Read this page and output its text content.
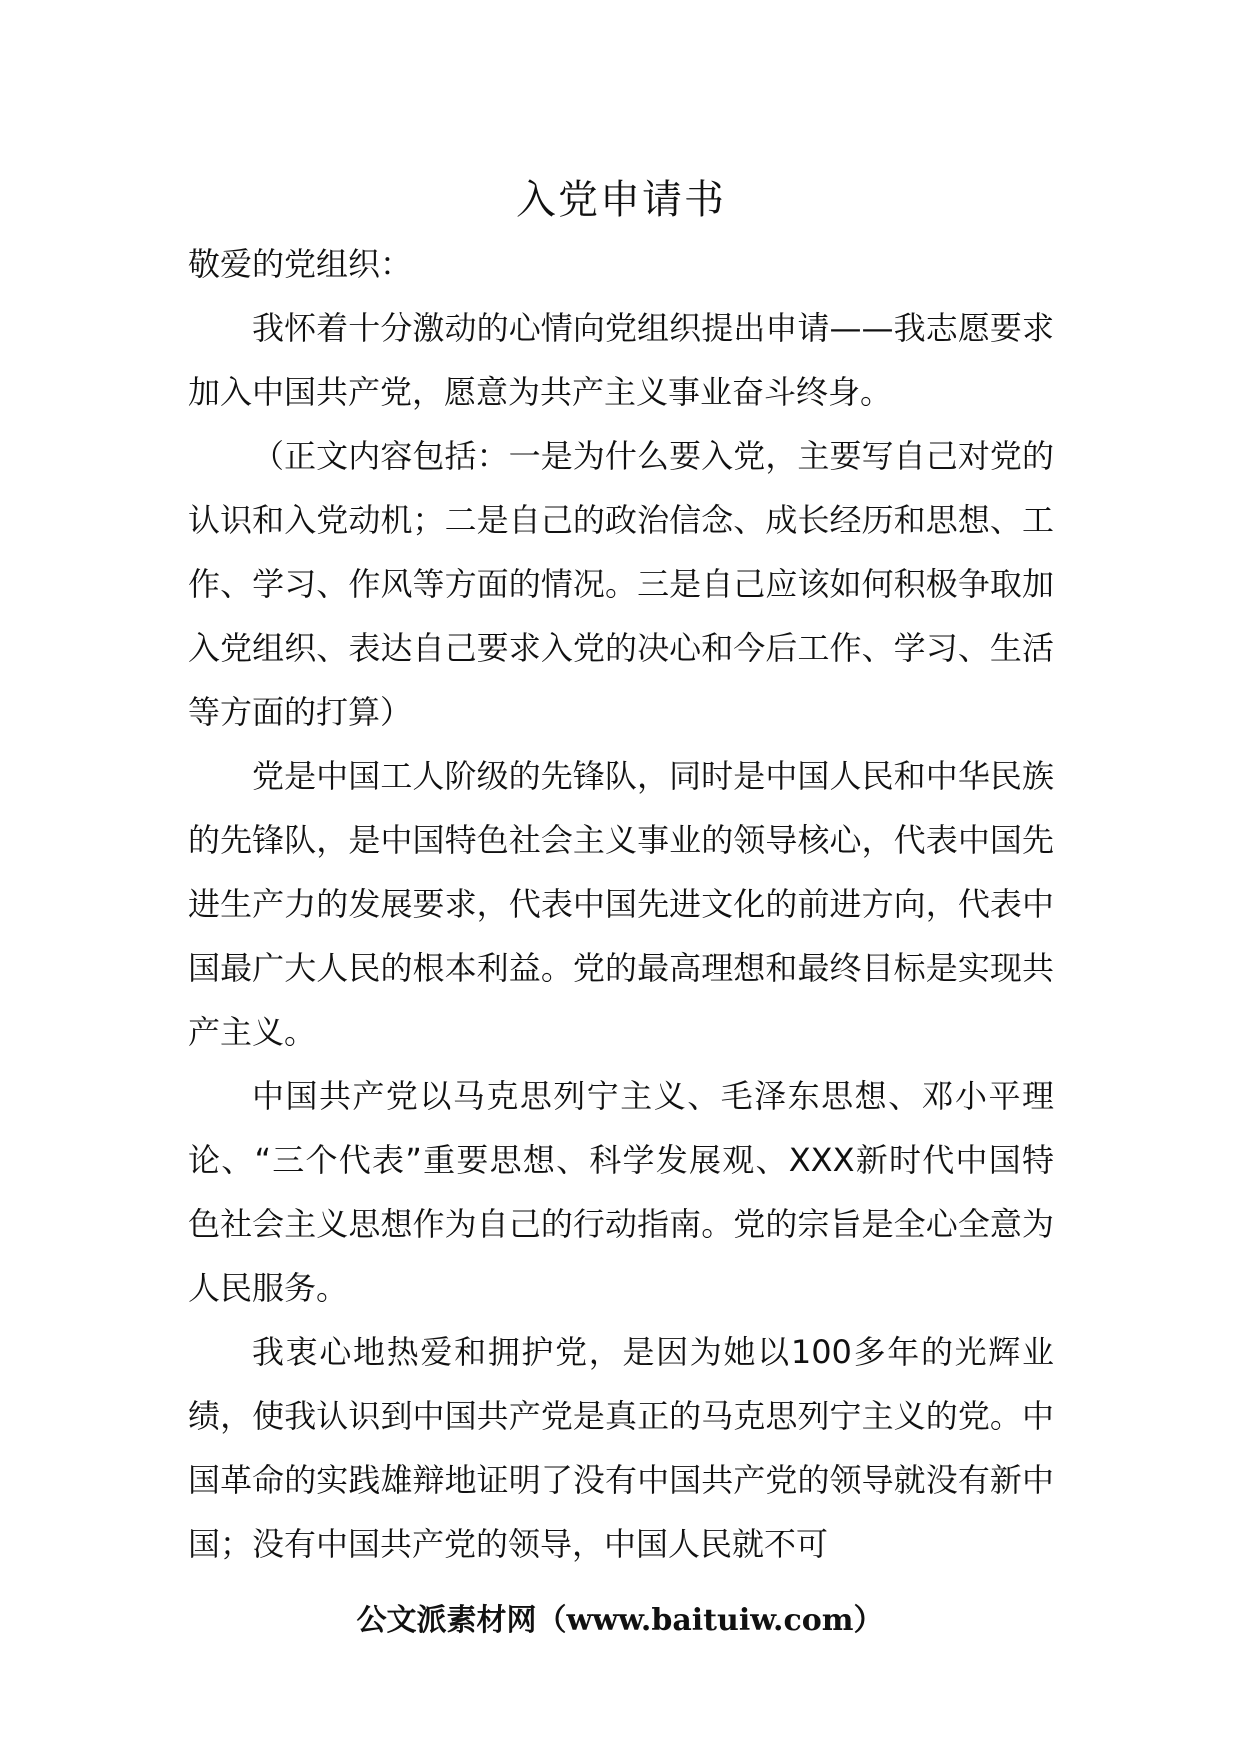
入党申请书

敬爱的党组织：

我怀着十分激动的心情向党组织提出申请——我志愿要求加入中国共产党，愿意为共产主义事业奋斗终身。

（正文内容包括：一是为什么要入党，主要写自己对党的认识和入党动机；二是自己的政治信念、成长经历和思想、工作、学习、作风等方面的情况。三是自己应该如何积极争取加入党组织、表达自己要求入党的决心和今后工作、学习、生活等方面的打算）

党是中国工人阶级的先锋队，同时是中国人民和中华民族的先锋队，是中国特色社会主义事业的领导核心，代表中国先进生产力的发展要求，代表中国先进文化的前进方向，代表中国最广大人民的根本利益。党的最高理想和最终目标是实现共产主义。

中国共产党以马克思列宁主义、毛泽东思想、邓小平理论、“三个代表”重要思想、科学发展观、XXX新时代中国特色社会主义思想作为自己的行动指南。党的宗旨是全心全意为人民服务。

我衷心地热爱和拥护党，是因为她以100多年的光辉业绩，使我认识到中国共产党是真正的马克思列宁主义的党。中国革命的实践雄辩地证明了没有中国共产党的领导就没有新中国；没有中国共产党的领导，中国人民就不可

公文派素材网（www.baituiw.com）
